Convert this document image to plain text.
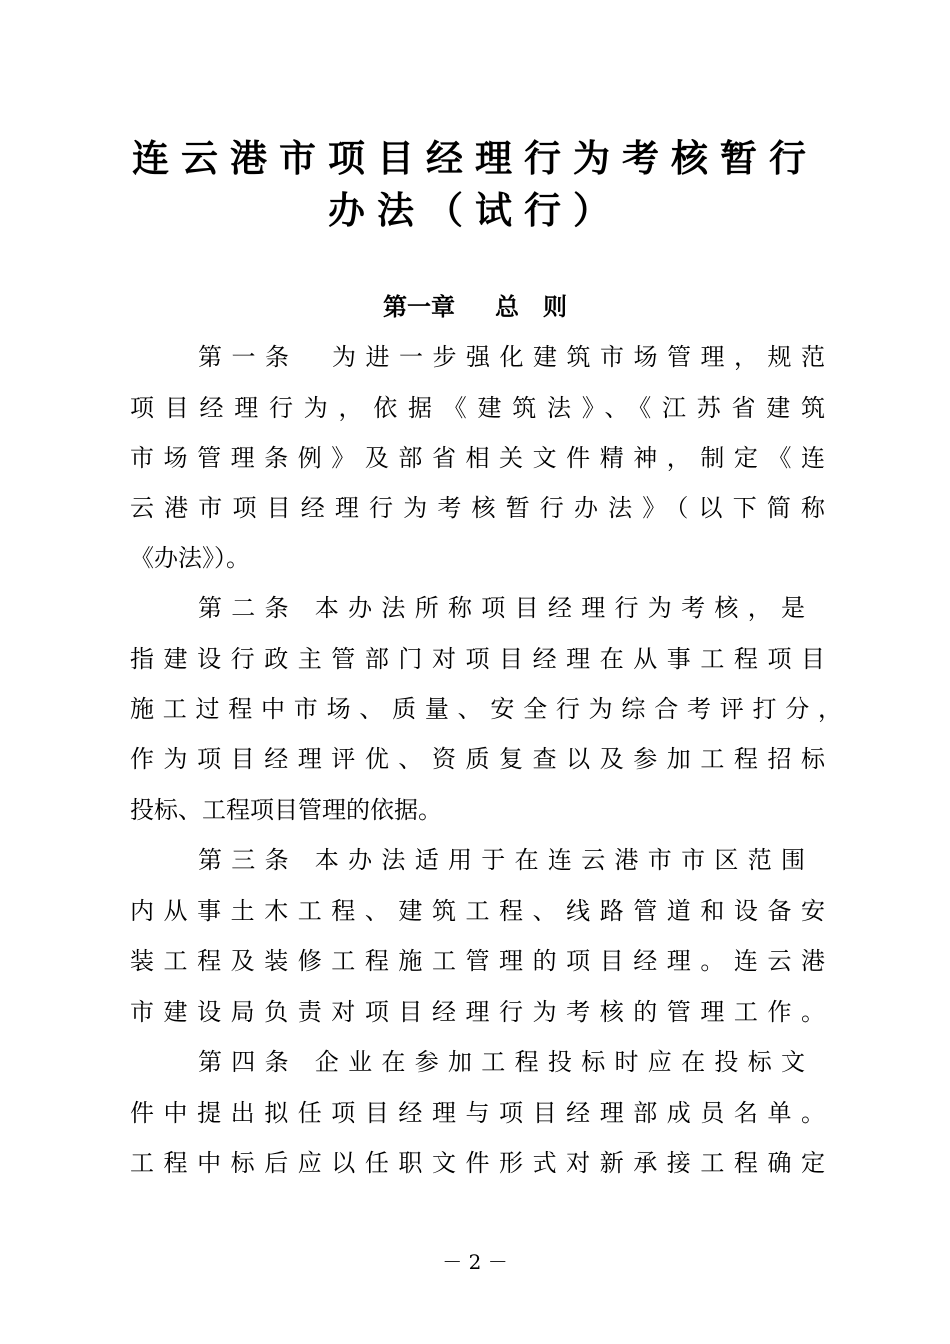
连云港市项目经理行为考核暂行
办法（试行）
第一章 总　则
第一条　为进一步强化建筑市场管理，规范
项目经理行为，依据《建筑法》、《江苏省建筑
市场管理条例》及部省相关文件精神，制定《连
云港市项目经理行为考核暂行办法》（以下简称
《办法》）。
第二条 本办法所称项目经理行为考核，是
指建设行政主管部门对项目经理在从事工程项目
施工过程中市场、质量、安全行为综合考评打分，
作为项目经理评优、资质复查以及参加工程招标
投标、工程项目管理的依据。
第三条 本办法适用于在连云港市市区范围
内从事土木工程、建筑工程、线路管道和设备安
装工程及装修工程施工管理的项目经理。连云港
市建设局负责对项目经理行为考核的管理工作。
第四条 企业在参加工程投标时应在投标文
件中提出拟任项目经理与项目经理部成员名单。
工程中标后应以任职文件形式对新承接工程确定
－ 2 －
